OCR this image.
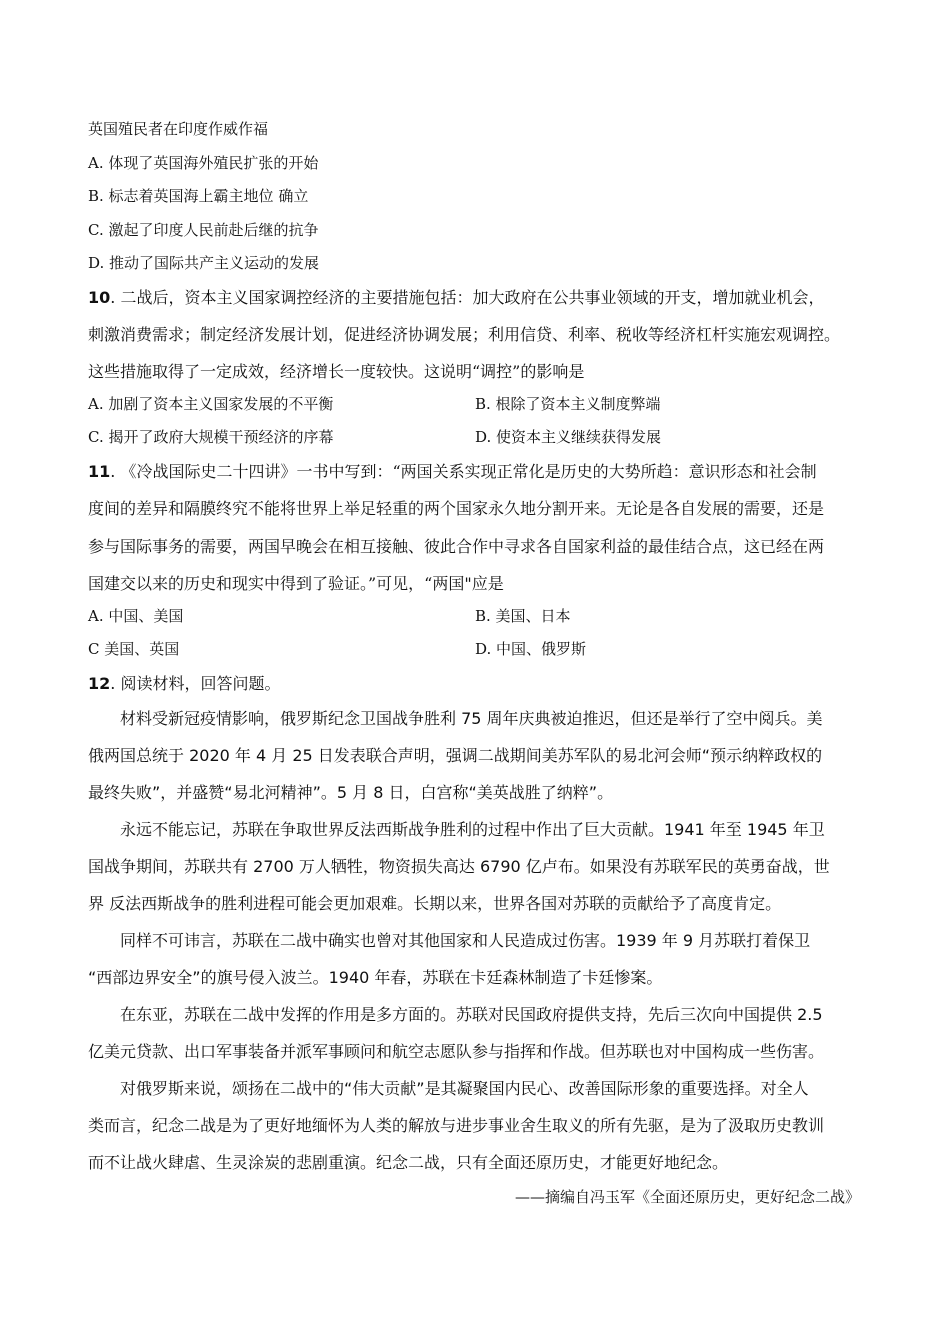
英国殖民者在印度作威作福
A. 体现了英国海外殖民扩张的开始
B. 标志着英国海上霸主地位 确立
C. 激起了印度人民前赴后继的抗争
D. 推动了国际共产主义运动的发展
10. 二战后，资本主义国家调控经济的主要措施包括：加大政府在公共事业领域的开支，增加就业机会，
刺激消费需求；制定经济发展计划，促进经济协调发展；利用信贷、利率、税收等经济杠杆实施宏观调控。
这些措施取得了一定成效，经济增长一度较快。这说明“调控”的影响是
A. 加剧了资本主义国家发展的不平衡	B. 根除了资本主义制度弊端
C. 揭开了政府大规模干预经济的序幕	D. 使资本主义继续获得发展
11. 《冷战国际史二十四讲》一书中写到：“两国关系实现正常化是历史的大势所趋：意识形态和社会制
度间的差异和隔膜终究不能将世界上举足轻重的两个国家永久地分割开来。无论是各自发展的需要，还是
参与国际事务的需要，两国早晚会在相互接触、彼此合作中寻求各自国家利益的最佳结合点，这已经在两
国建交以来的历史和现实中得到了验证。”可见，“两国"应是
A. 中国、美国	B. 美国、日本
C 美国、英国	D. 中国、俄罗斯
12. 阅读材料，回答问题。
材料受新冠疫情影响，俄罗斯纪念卫国战争胜利 75 周年庆典被迫推迟，但还是举行了空中阅兵。美
俄两国总统于 2020 年 4 月 25 日发表联合声明，强调二战期间美苏军队的易北河会师“预示纳粹政权的
最终失败”，并盛赞“易北河精神”。5 月 8 日，白宫称“美英战胜了纳粹”。
永远不能忘记，苏联在争取世界反法西斯战争胜利的过程中作出了巨大贡献。1941 年至 1945 年卫
国战争期间，苏联共有 2700 万人牺牲，物资损失高达 6790 亿卢布。如果没有苏联军民的英勇奋战，世
界 反法西斯战争的胜利进程可能会更加艰难。长期以来，世界各国对苏联的贡献给予了高度肯定。
同样不可讳言，苏联在二战中确实也曾对其他国家和人民造成过伤害。1939 年 9 月苏联打着保卫
“西部边界安全”的旗号侵入波兰。1940 年春，苏联在卡廷森林制造了卡廷惨案。
在东亚，苏联在二战中发挥的作用是多方面的。苏联对民国政府提供支持，先后三次向中国提供 2.5
亿美元贷款、出口军事装备并派军事顾问和航空志愿队参与指挥和作战。但苏联也对中国构成一些伤害。
对俄罗斯来说，颂扬在二战中的“伟大贡献”是其凝聚国内民心、改善国际形象的重要选择。对全人
类而言，纪念二战是为了更好地缅怀为人类的解放与进步事业舍生取义的所有先驱，是为了汲取历史教训
而不让战火肆虐、生灵涂炭的悲剧重演。纪念二战，只有全面还原历史，才能更好地纪念。
——摘编自冯玉军《全面还原历史，更好纪念二战》
